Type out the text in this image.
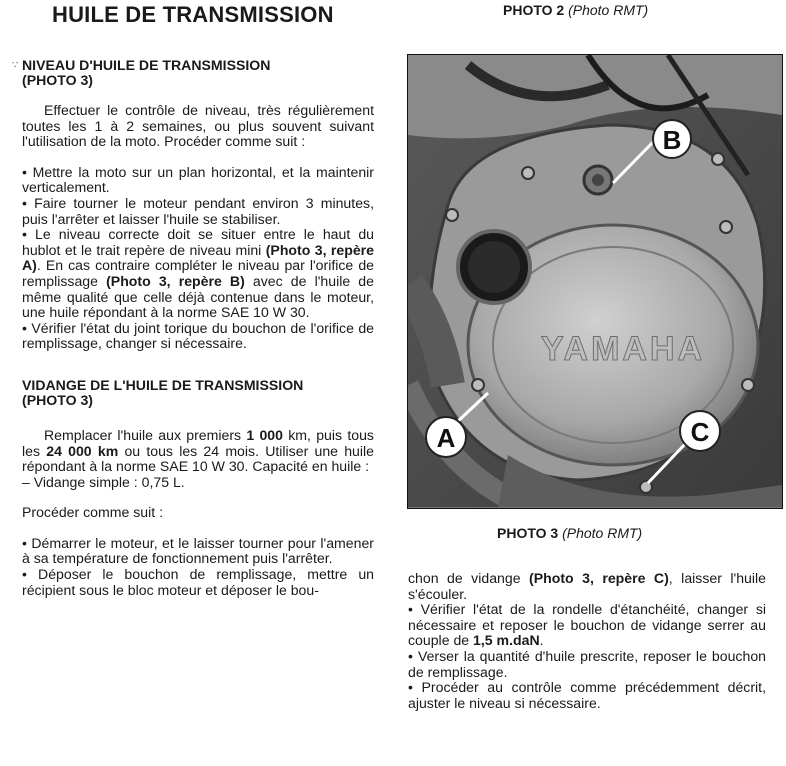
HUILE DE TRANSMISSION	PHOTO 2 (Photo RMT)
∵ NIVEAU D'HUILE DE TRANSMISSION
(PHOTO 3)

Effectuer le contrôle de niveau, très régulièrement toutes les 1 à 2 semaines, ou plus souvent suivant l'utilisation de la moto. Procéder comme suit :

• Mettre la moto sur un plan horizontal, et la maintenir verticalement.

• Faire tourner le moteur pendant environ 3 minutes, puis l'arrêter et laisser l'huile se stabiliser.

• Le niveau correcte doit se situer entre le haut du hublot et le trait repère de niveau mini (Photo 3, repère A). En cas contraire compléter le niveau par l'orifice de remplissage (Photo 3, repère B) avec de l'huile de même qualité que celle déjà contenue dans le moteur, une huile répondant à la norme SAE 10 W 30.

• Vérifier l'état du joint torique du bouchon de l'orifice de remplissage, changer si nécessaire.

VIDANGE DE L'HUILE DE TRANSMISSION
(PHOTO 3)

Remplacer l'huile aux premiers 1 000 km, puis tous les 24 000 km ou tous les 24 mois. Utiliser une huile répondant à la norme SAE 10 W 30. Capacité en huile :

– Vidange simple : 0,75 L.

Procéder comme suit :

• Démarrer le moteur, et le laisser tourner pour l'amener à sa température de fonctionnement puis l'arrêter.

• Déposer le bouchon de remplissage, mettre un récipient sous le bloc moteur et déposer le bou-

YAMAHA
B
A	C
PHOTO 3 (Photo RMT)

chon de vidange (Photo 3, repère C), laisser l'huile s'écouler.

• Vérifier l'état de la rondelle d'étanchéité, changer si nécessaire et reposer le bouchon de vidange serrer au couple de 1,5 m.daN.

• Verser la quantité d'huile prescrite, reposer le bouchon de remplissage.

• Procéder au contrôle comme précédemment décrit, ajuster le niveau si nécessaire.
